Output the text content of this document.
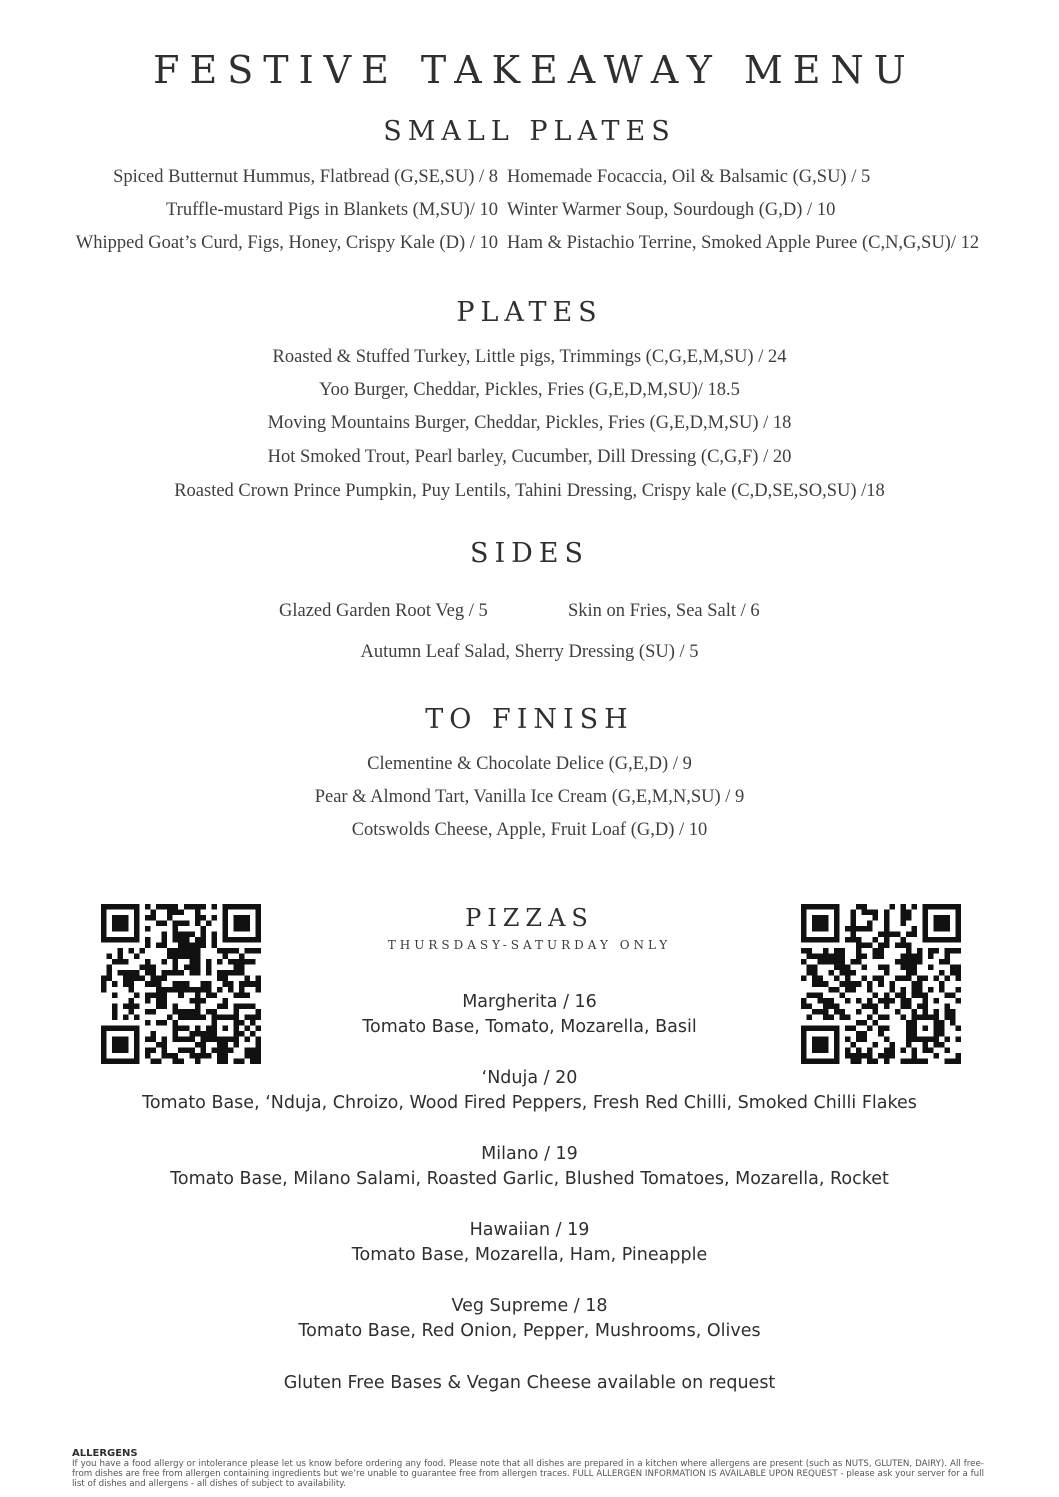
FESTIVE TAKEAWAY MENU
SMALL PLATES
Spiced Butternut Hummus, Flatbread (G,SE,SU) / 8
Truffle-mustard Pigs in Blankets (M,SU)/ 10
Whipped Goat’s Curd, Figs, Honey, Crispy Kale (D) / 10
Homemade Focaccia, Oil & Balsamic (G,SU) / 5
Winter Warmer Soup, Sourdough (G,D) / 10
Ham & Pistachio Terrine, Smoked Apple Puree (C,N,G,SU)/ 12
PLATES
Roasted & Stuffed Turkey, Little pigs, Trimmings (C,G,E,M,SU) / 24
Yoo Burger, Cheddar, Pickles, Fries (G,E,D,M,SU)/ 18.5
Moving Mountains Burger, Cheddar, Pickles, Fries (G,E,D,M,SU) / 18
Hot Smoked Trout, Pearl barley, Cucumber, Dill Dressing (C,G,F) / 20
Roasted Crown Prince Pumpkin, Puy Lentils, Tahini Dressing, Crispy kale (C,D,SE,SO,SU) /18
SIDES
Glazed Garden Root Veg / 5	Skin on Fries, Sea Salt / 6
Autumn Leaf Salad, Sherry Dressing (SU) / 5
TO FINISH
Clementine & Chocolate Delice (G,E,D) / 9
Pear & Almond Tart, Vanilla Ice Cream (G,E,M,N,SU) / 9
Cotswolds Cheese, Apple, Fruit Loaf (G,D) / 10
PIZZAS
THURSDASY-SATURDAY ONLY
Margherita / 16
Tomato Base, Tomato, Mozarella, Basil
‘Nduja / 20
Tomato Base, ‘Nduja, Chroizo, Wood Fired Peppers, Fresh Red Chilli, Smoked Chilli Flakes
Milano / 19
Tomato Base, Milano Salami, Roasted Garlic, Blushed Tomatoes, Mozarella, Rocket
Hawaiian / 19
Tomato Base, Mozarella, Ham, Pineapple
Veg Supreme / 18
Tomato Base, Red Onion, Pepper, Mushrooms, Olives
Gluten Free Bases & Vegan Cheese available on request
ALLERGENS
If you have a food allergy or intolerance please let us know before ordering any food. Please note that all dishes are prepared in a kitchen where allergens are present (such as NUTS, GLUTEN, DAIRY). All free-from dishes are free from allergen containing ingredients but we’re unable to guarantee free from allergen traces. FULL ALLERGEN INFORMATION IS AVAILABLE UPON REQUEST - please ask your server for a full list of dishes and allergens - all dishes of subject to availability.
